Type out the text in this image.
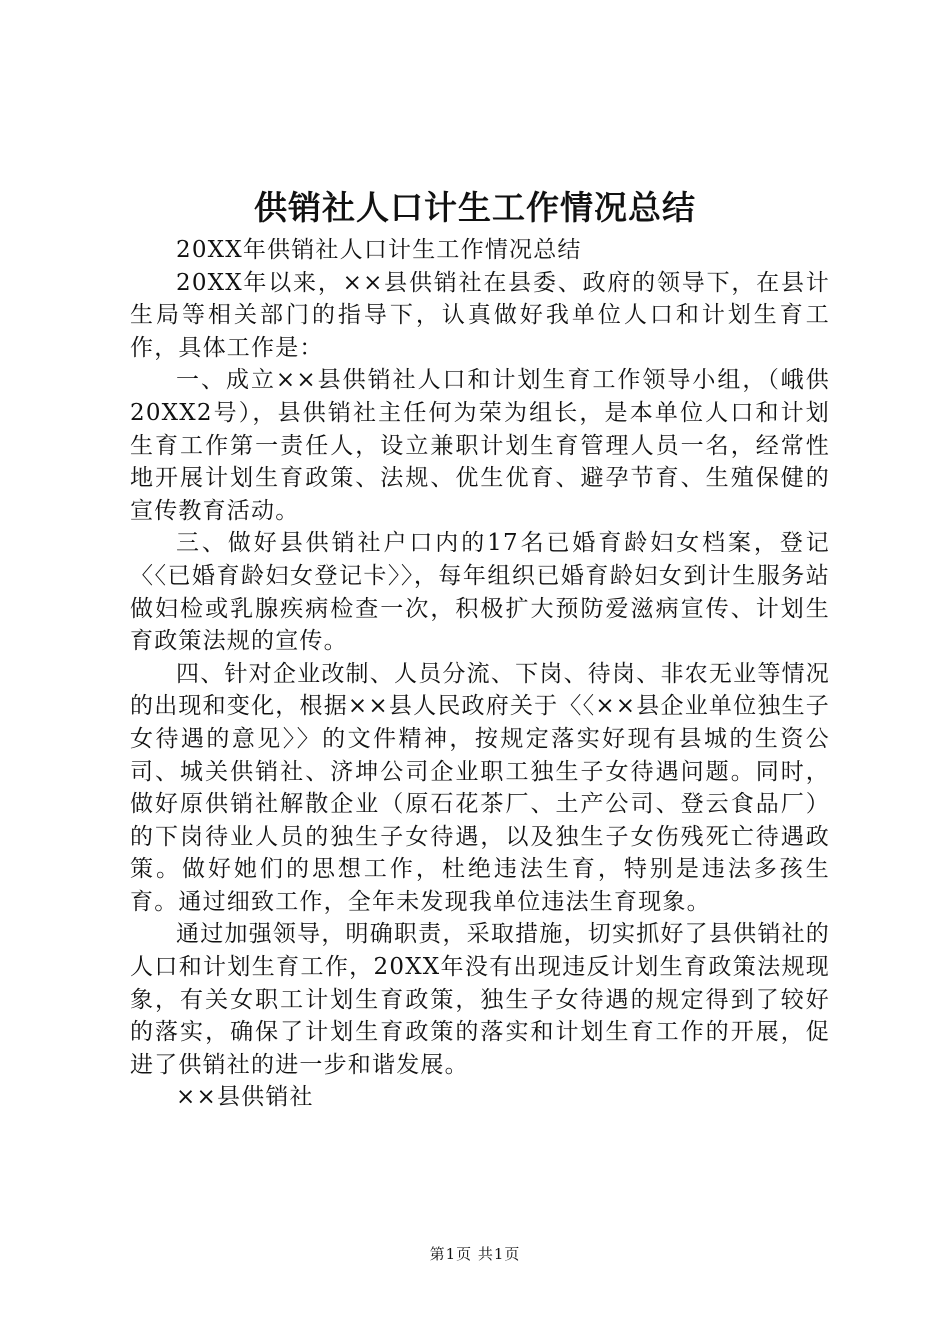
供销社人口计生工作情况总结

20XX年供销社人口计生工作情况总结

20XX年以来，××县供销社在县委、政府的领导下，在县计生局等相关部门的指导下，认真做好我单位人口和计划生育工作，具体工作是：

一、成立××县供销社人口和计划生育工作领导小组，（峨供20XX2号），县供销社主任何为荣为组长，是本单位人口和计划生育工作第一责任人，设立兼职计划生育管理人员一名，经常性地开展计划生育政策、法规、优生优育、避孕节育、生殖保健的宣传教育活动。

三、做好县供销社户口内的17名已婚育龄妇女档案，登记〈〈已婚育龄妇女登记卡〉〉，每年组织已婚育龄妇女到计生服务站做妇检或乳腺疾病检查一次，积极扩大预防爱滋病宣传、计划生育政策法规的宣传。

四、针对企业改制、人员分流、下岗、待岗、非农无业等情况的出现和变化，根据××县人民政府关于〈〈××县企业单位独生子女待遇的意见〉〉的文件精神，按规定落实好现有县城的生资公司、城关供销社、济坤公司企业职工独生子女待遇问题。同时，做好原供销社解散企业（原石花茶厂、土产公司、登云食品厂）的下岗待业人员的独生子女待遇，以及独生子女伤残死亡待遇政策。做好她们的思想工作，杜绝违法生育，特别是违法多孩生育。通过细致工作，全年未发现我单位违法生育现象。

通过加强领导，明确职责，采取措施，切实抓好了县供销社的人口和计划生育工作，20XX年没有出现违反计划生育政策法规现象，有关女职工计划生育政策，独生子女待遇的规定得到了较好的落实，确保了计划生育政策的落实和计划生育工作的开展，促进了供销社的进一步和谐发展。

××县供销社

第1页 共1页
